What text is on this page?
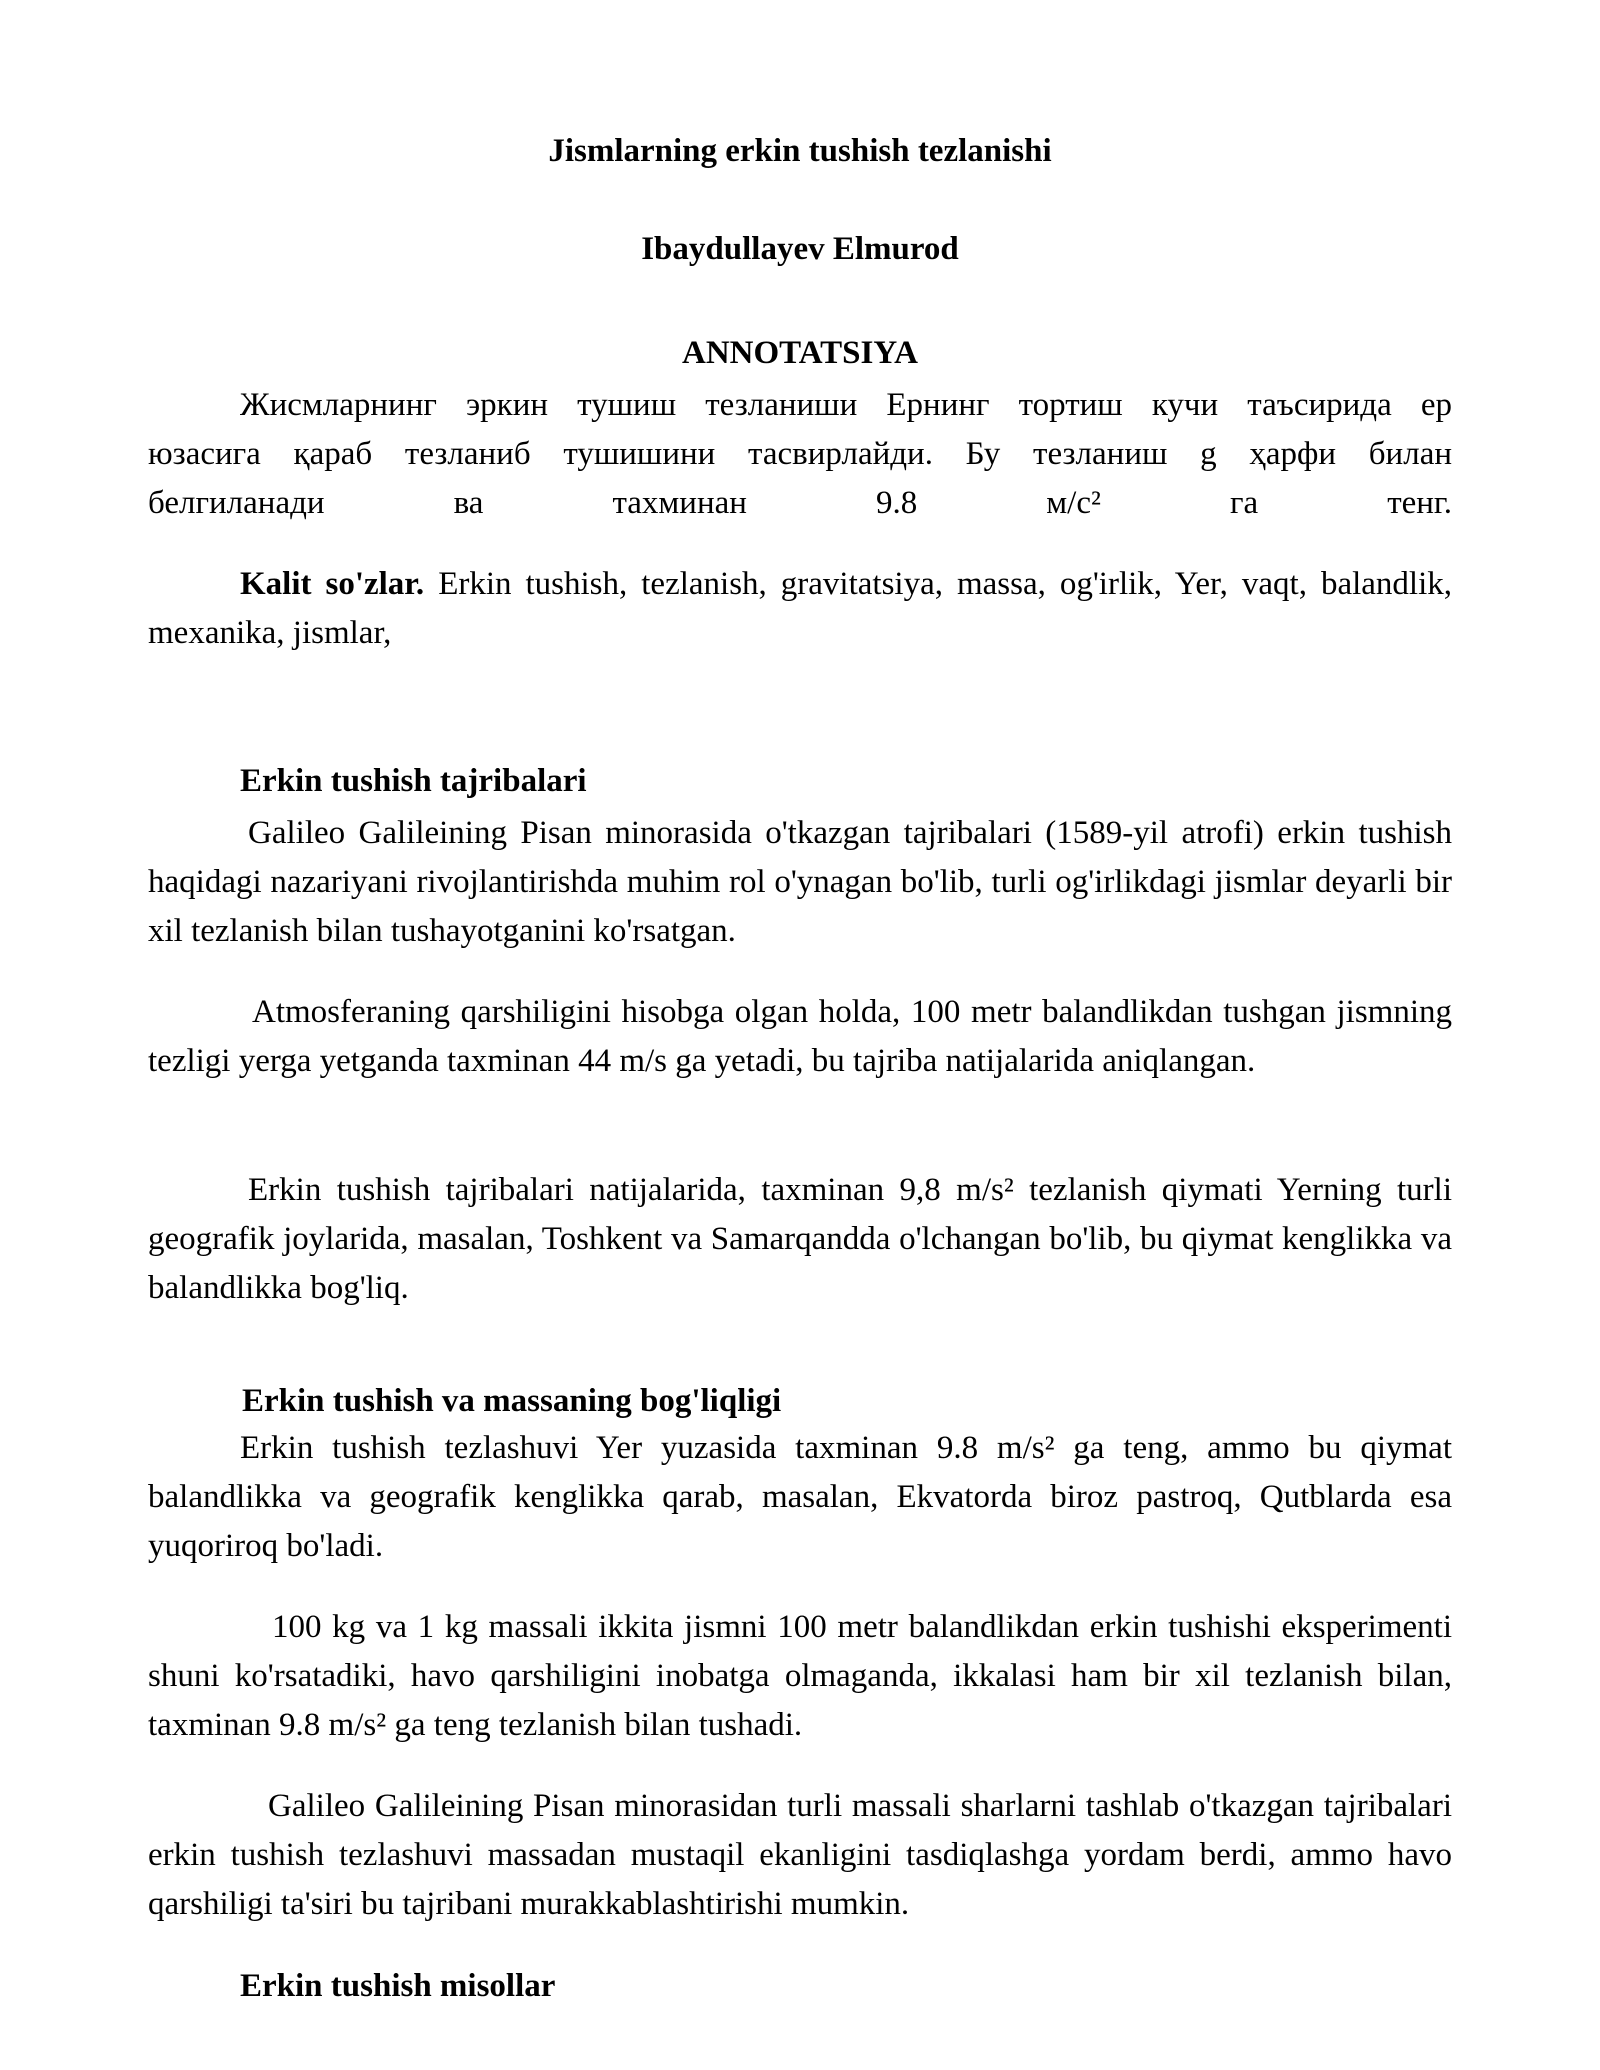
Jismlarning erkin tushish tezlanishi
Ibaydullayev Elmurod
ANNOTATSIYA

Жисмларнинг эркин тушиш тезланиши Ернинг тортиш кучи таъсирида ер юзасига қараб тезланиб тушишини тасвирлайди. Бу тезланиш g ҳарфи билан белгиланади ва тахминан 9.8 м/с² га тенг.

Kalit so'zlar. Erkin tushish, tezlanish, gravitatsiya, massa, og'irlik, Yer, vaqt, balandlik, mexanika, jismlar,

Erkin tushish tajribalari

Galileo Galileining Pisan minorasida o'tkazgan tajribalari (1589-yil atrofi) erkin tushish haqidagi nazariyani rivojlantirishda muhim rol o'ynagan bo'lib, turli og'irlikdagi jismlar deyarli bir xil tezlanish bilan tushayotganini ko'rsatgan.

Atmosferaning qarshiligini hisobga olgan holda, 100 metr balandlikdan tushgan jismning tezligi yerga yetganda taxminan 44 m/s ga yetadi, bu tajriba natijalarida aniqlangan.

Erkin tushish tajribalari natijalarida, taxminan 9,8 m/s² tezlanish qiymati Yerning turli geografik joylarida, masalan, Toshkent va Samarqandda o'lchangan bo'lib, bu qiymat kenglikka va balandlikka bog'liq.

Erkin tushish va massaning bog'liqligi

Erkin tushish tezlashuvi Yer yuzasida taxminan 9.8 m/s² ga teng, ammo bu qiymat balandlikka va geografik kenglikka qarab, masalan, Ekvatorda biroz pastroq, Qutblarda esa yuqoriroq bo'ladi.

100 kg va 1 kg massali ikkita jismni 100 metr balandlikdan erkin tushishi eksperimenti shuni ko'rsatadiki, havo qarshiligini inobatga olmaganda, ikkalasi ham bir xil tezlanish bilan, taxminan 9.8 m/s² ga teng tezlanish bilan tushadi.

Galileo Galileining Pisan minorasidan turli massali sharlarni tashlab o'tkazgan tajribalari erkin tushish tezlashuvi massadan mustaqil ekanligini tasdiqlashga yordam berdi, ammo havo qarshiligi ta'siri bu tajribani murakkablashtirishi mumkin.

Erkin tushish misollar
